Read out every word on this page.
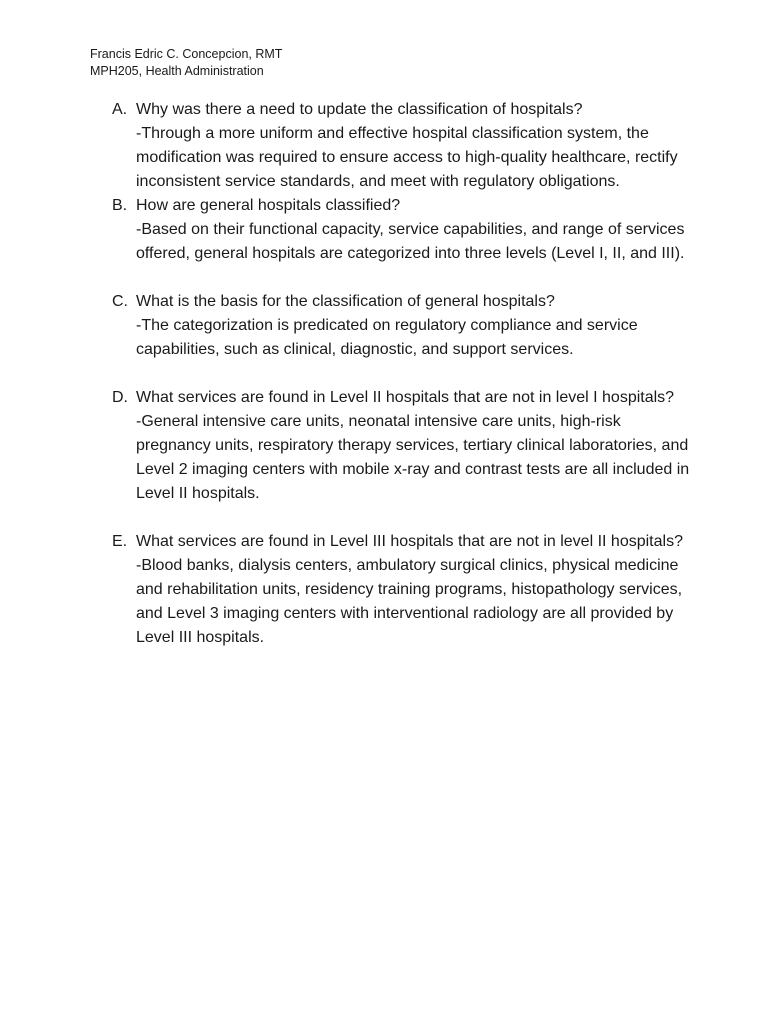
Francis Edric C. Concepcion, RMT
MPH205, Health Administration
A. Why was there a need to update the classification of hospitals?
-Through a more uniform and effective hospital classification system, the modification was required to ensure access to high-quality healthcare, rectify inconsistent service standards, and meet with regulatory obligations.
B. How are general hospitals classified?
-Based on their functional capacity, service capabilities, and range of services offered, general hospitals are categorized into three levels (Level I, II, and III).
C. What is the basis for the classification of general hospitals?
-The categorization is predicated on regulatory compliance and service capabilities, such as clinical, diagnostic, and support services.
D. What services are found in Level II hospitals that are not in level I hospitals?
-General intensive care units, neonatal intensive care units, high-risk pregnancy units, respiratory therapy services, tertiary clinical laboratories, and Level 2 imaging centers with mobile x-ray and contrast tests are all included in Level II hospitals.
E. What services are found in Level III hospitals that are not in level II hospitals?
-Blood banks, dialysis centers, ambulatory surgical clinics, physical medicine and rehabilitation units, residency training programs, histopathology services, and Level 3 imaging centers with interventional radiology are all provided by Level III hospitals.
